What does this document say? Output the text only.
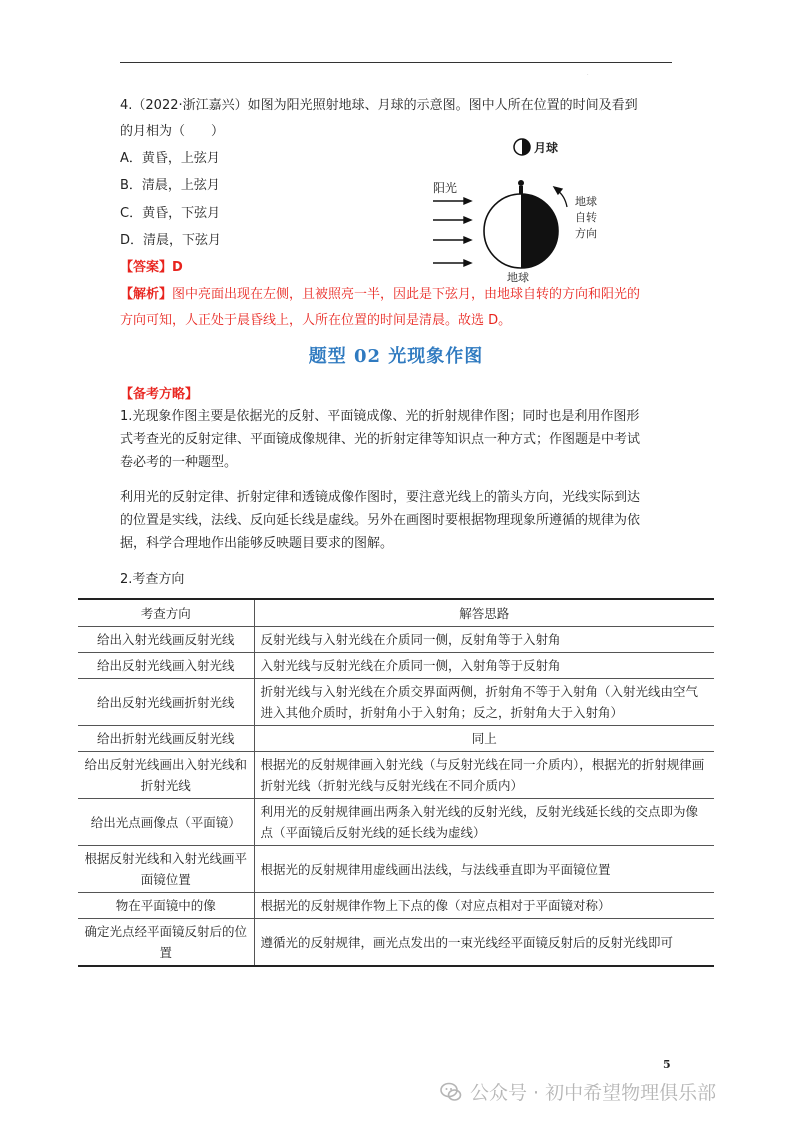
·
4.（2022·浙江嘉兴）如图为阳光照射地球、月球的示意图。图中人所在位置的时间及看到
的月相为（　　）
A．黄昏，上弦月
B．清晨，上弦月
C．黄昏，下弦月
D．清晨，下弦月
【答案】D
【解析】图中亮面出现在左侧，且被照亮一半，因此是下弦月，由地球自转的方向和阳光的
方向可知，人正处于晨昏线上，人所在位置的时间是清晨。故选 D。
月球
阳光
地球 自转 方向
地球
题型 02 光现象作图
【备考方略】
1.光现象作图主要是依据光的反射、平面镜成像、光的折射规律作图；同时也是利用作图形
式考查光的反射定律、平面镜成像规律、光的折射定律等知识点一种方式；作图题是中考试
卷必考的一种题型。
利用光的反射定律、折射定律和透镜成像作图时，要注意光线上的箭头方向，光线实际到达
的位置是实线，法线、反向延长线是虚线。另外在画图时要根据物理现象所遵循的规律为依
据，科学合理地作出能够反映题目要求的图解。
2.考查方向
考查方向	解答思路
给出入射光线画反射光线	反射光线与入射光线在介质同一侧，反射角等于入射角
给出反射光线画入射光线	入射光线与反射光线在介质同一侧，入射角等于反射角
给出反射光线画折射光线	折射光线与入射光线在介质交界面两侧，折射角不等于入射角（入射光线由空气进入其他介质时，折射角小于入射角；反之，折射角大于入射角）
给出折射光线画反射光线	同上
给出反射光线画出入射光线和折射光线	根据光的反射规律画入射光线（与反射光线在同一介质内），根据光的折射规律画折射光线（折射光线与反射光线在不同介质内）
给出光点画像点（平面镜）	利用光的反射规律画出两条入射光线的反射光线，反射光线延长线的交点即为像点（平面镜后反射光线的延长线为虚线）
根据反射光线和入射光线画平面镜位置	根据光的反射规律用虚线画出法线，与法线垂直即为平面镜位置
物在平面镜中的像	根据光的反射规律作物上下点的像（对应点相对于平面镜对称）
确定光点经平面镜反射后的位置	遵循光的反射规律，画光点发出的一束光线经平面镜反射后的反射光线即可
5
公众号 · 初中希望物理俱乐部
